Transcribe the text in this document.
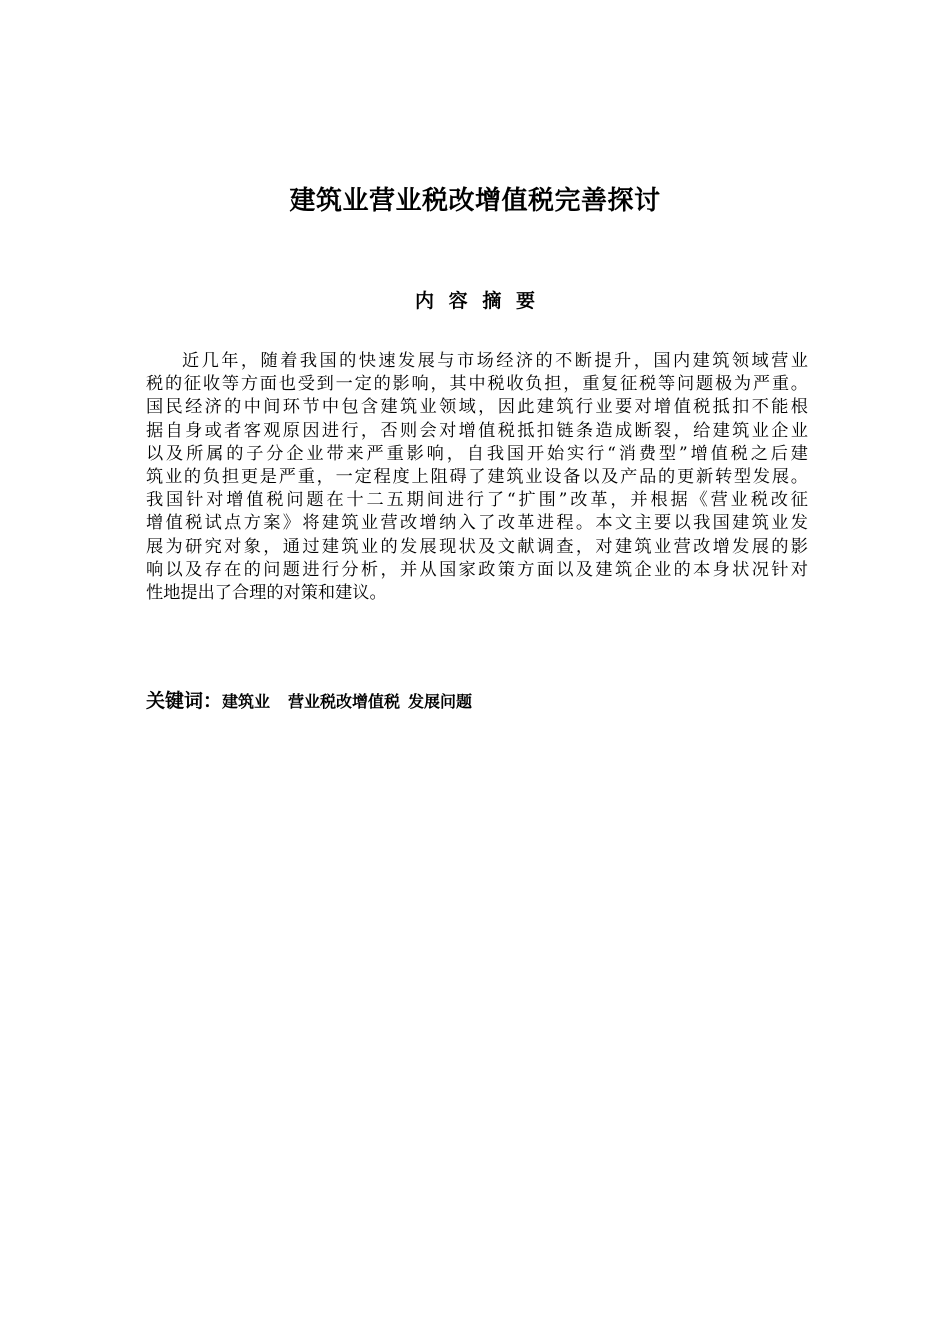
建筑业营业税改增值税完善探讨
内 容 摘 要
近几年，随着我国的快速发展与市场经济的不断提升，国内建筑领域营业
税的征收等方面也受到一定的影响，其中税收负担，重复征税等问题极为严重。
国民经济的中间环节中包含建筑业领域，因此建筑行业要对增值税抵扣不能根
据自身或者客观原因进行，否则会对增值税抵扣链条造成断裂，给建筑业企业
以及所属的子分企业带来严重影响，自我国开始实行“消费型”增值税之后建
筑业的负担更是严重，一定程度上阻碍了建筑业设备以及产品的更新转型发展。
我国针对增值税问题在十二五期间进行了“扩围”改革，并根据《营业税改征
增值税试点方案》将建筑业营改增纳入了改革进程。本文主要以我国建筑业发
展为研究对象，通过建筑业的发展现状及文献调查，对建筑业营改增发展的影
响以及存在的问题进行分析，并从国家政策方面以及建筑企业的本身状况针对
性地提出了合理的对策和建议。
关键词：建筑业 营业税改增值税 发展问题
